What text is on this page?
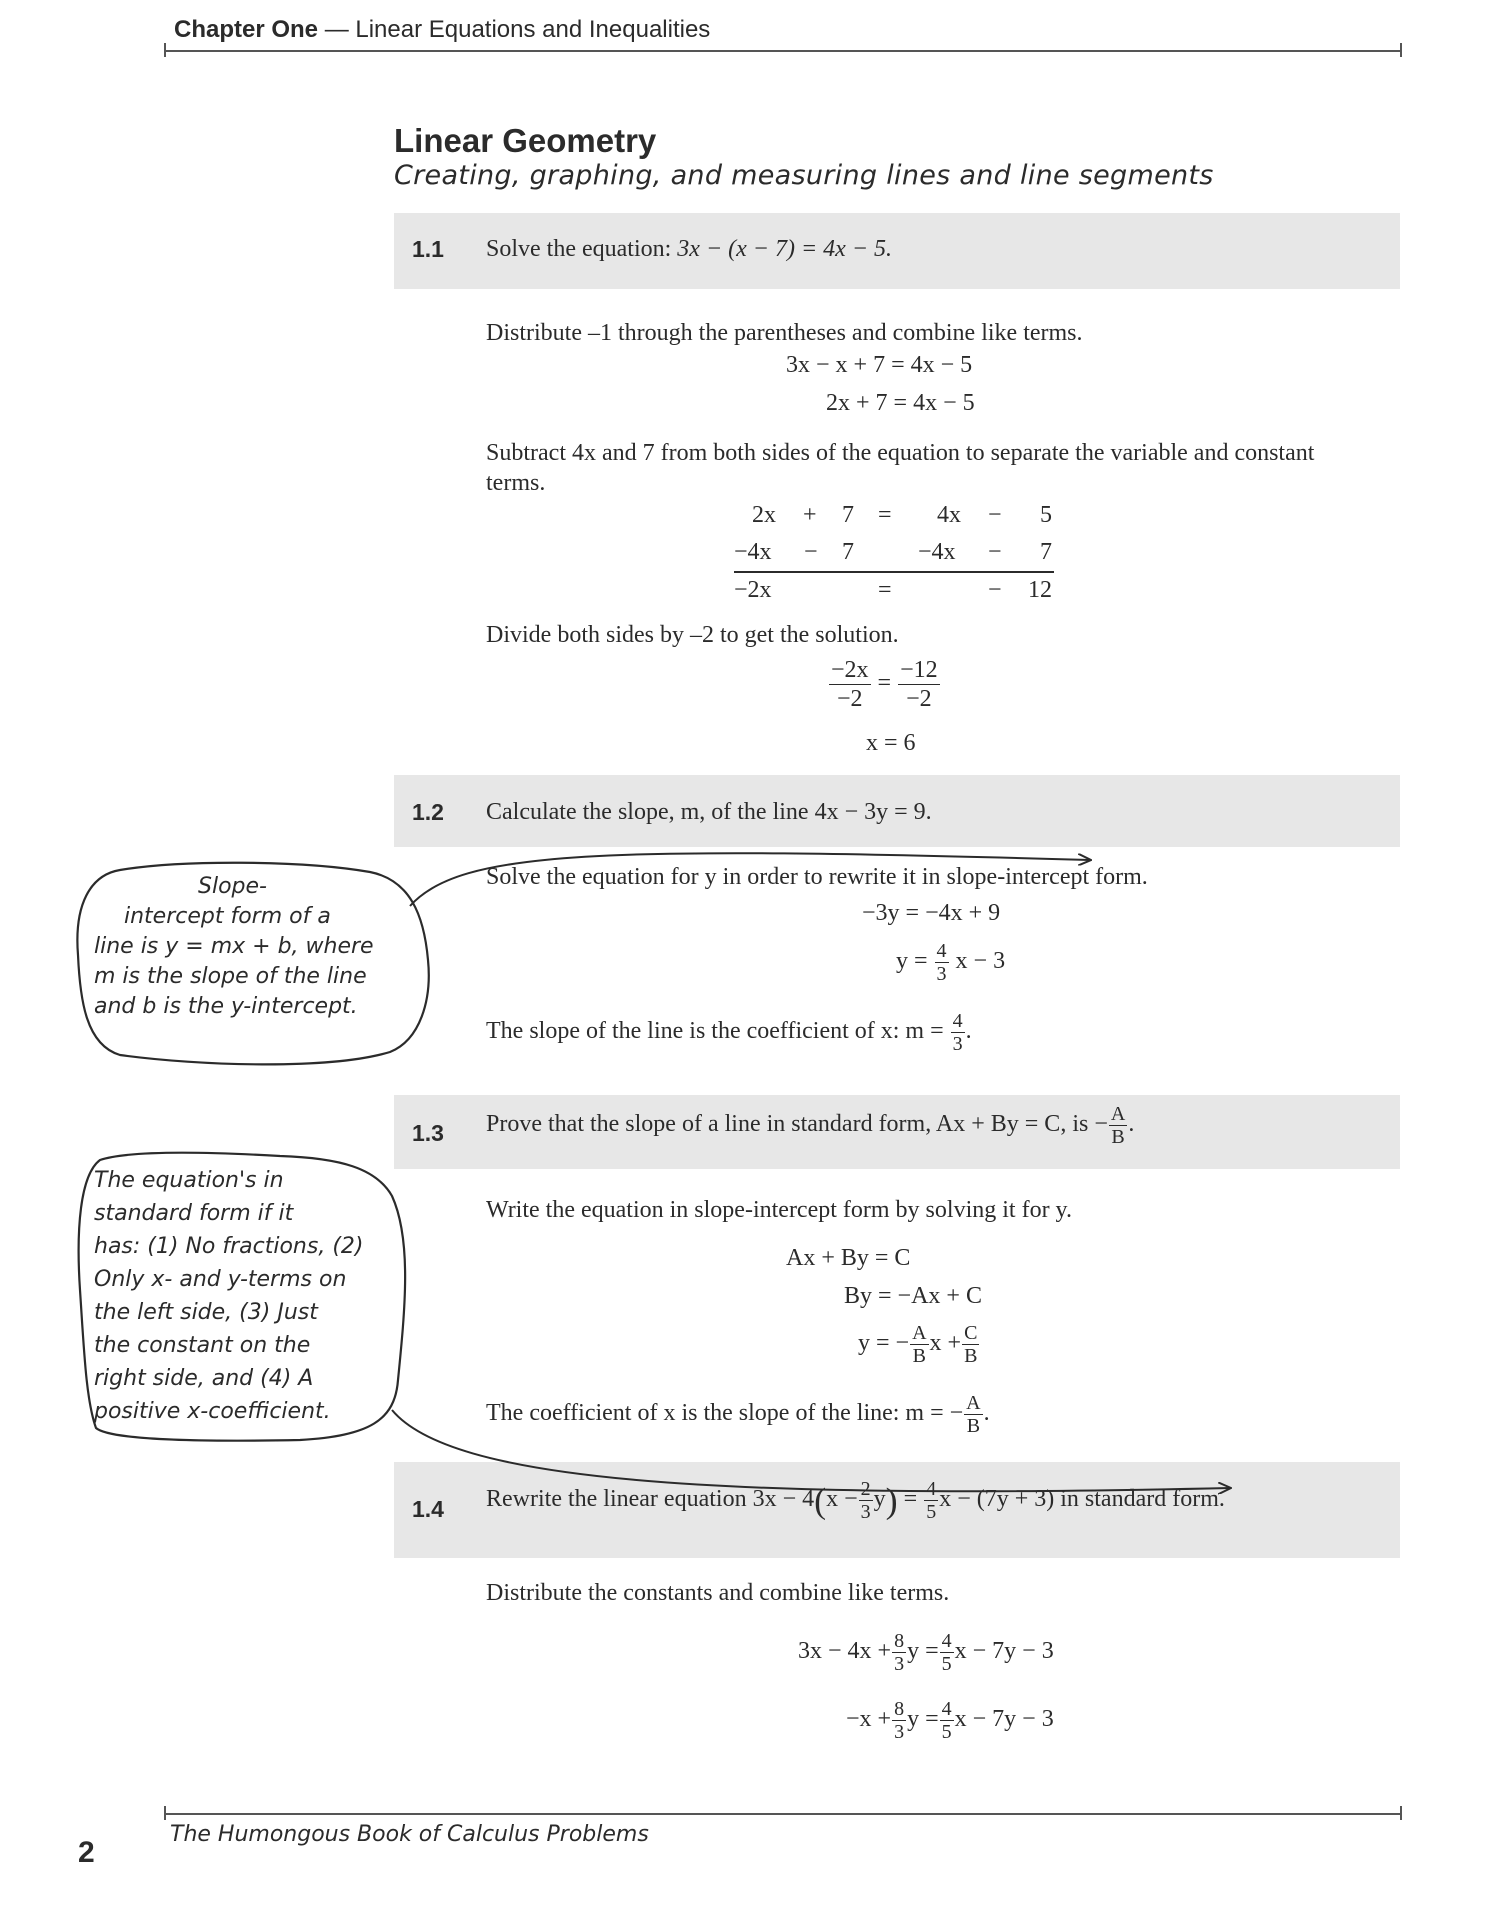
Chapter One — Linear Equations and Inequalities
Linear Geometry
Creating, graphing, and measuring lines and line segments
1.1 Solve the equation: 3x − (x − 7) = 4x − 5.
Distribute –1 through the parentheses and combine like terms.
3x − x + 7 = 4x − 5
2x + 7 = 4x − 5
Subtract 4x and 7 from both sides of the equation to separate the variable and constant terms.
2x + 7 = 4x − 5
−4x − 7	−4x − 7
−2x	=	− 12
Divide both sides by –2 to get the solution.
$\frac{-2x}{-2} = \frac{-12}{-2}$
x = 6
1.2 Calculate the slope, m, of the line 4x − 3y = 9.
Solve the equation for y in order to rewrite it in slope-intercept form.
−3y = −4x + 9
$y = \frac{4}{3}$ x − 3
The slope of the line is the coefficient of x: $m = \frac{4}{3}$ .
1.3 Prove that the slope of a line in standard form, Ax + By = C, is − $\frac{A}{B}$ .
Write the equation in slope-intercept form by solving it for y.
Ax + By = C
By = −Ax + C
y = − $\frac{A}{B}$ $x + \frac{C}{B}$
The coefficient of x is the slope of the line: m = − $\frac{A}{B}$ .
1.4 Rewrite the linear equation $3x - 4(x - \frac{2}{3} y) = \frac{4}{5}$ x − (7y + 3) in standard form.
Distribute the constants and combine like terms.
$3x - 4x + \frac{8}{3}$ $y = \frac{4}{5}$ x − 7y − 3
$-x + \frac{8}{3}$ $y = \frac{4}{5}$ x − 7y − 3
Slope-
intercept form of a
line is y = mx + b, where
m is the slope of the line
and b is the y-intercept.
The equation's in
standard form if it
has: (1) No fractions, (2)
Only x- and y-terms on
the left side, (3) Just
the constant on the
right side, and (4) A
positive x-coefficient.
The Humongous Book of Calculus Problems
2
